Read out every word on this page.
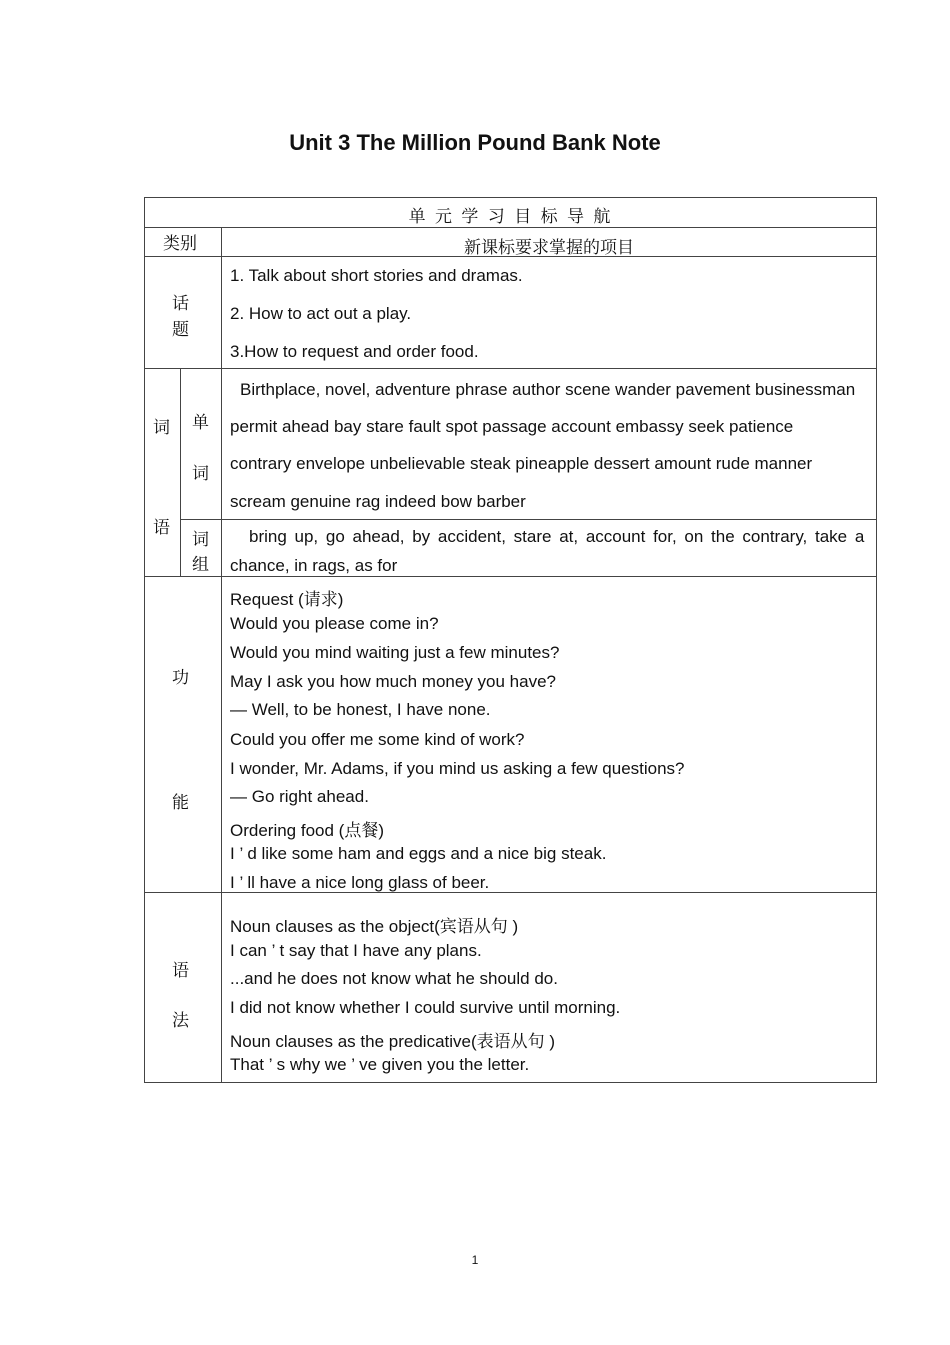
Unit 3 The Million Pound Bank Note
单 元 学 习 目 标 导 航
类别	新课标要求掌握的项目
话
题
1. Talk about short stories and dramas.
2. How to act out a play.
3.How to request and order food.
词
语
单
词
Birthplace, novel, adventure phrase author scene wander pavement businessman
permit ahead bay stare fault spot passage account embassy seek patience
contrary envelope unbelievable steak pineapple dessert amount rude manner
scream genuine rag indeed bow barber
词
组
bring up, go ahead, by accident, stare at, account for, on the contrary, take a
chance, in rags, as for
功
能
Request (请求)
Would you please come in?
Would you mind waiting just a few minutes?
May I ask you how much money you have?
— Well, to be honest, I have none.
Could you offer me some kind of work?
I wonder, Mr. Adams, if you mind us asking a few questions?
— Go right ahead.
Ordering food (点餐)
I ’ d like some ham and eggs and a nice big steak.
I ’ ll have a nice long glass of beer.
语
法
Noun clauses as the object(宾语从句 )
I can ’ t say that I have any plans.
...and he does not know what he should do.
I did not know whether I could survive until morning.
Noun clauses as the predicative(表语从句 )
That ’ s why we ’ ve given you the letter.
1
